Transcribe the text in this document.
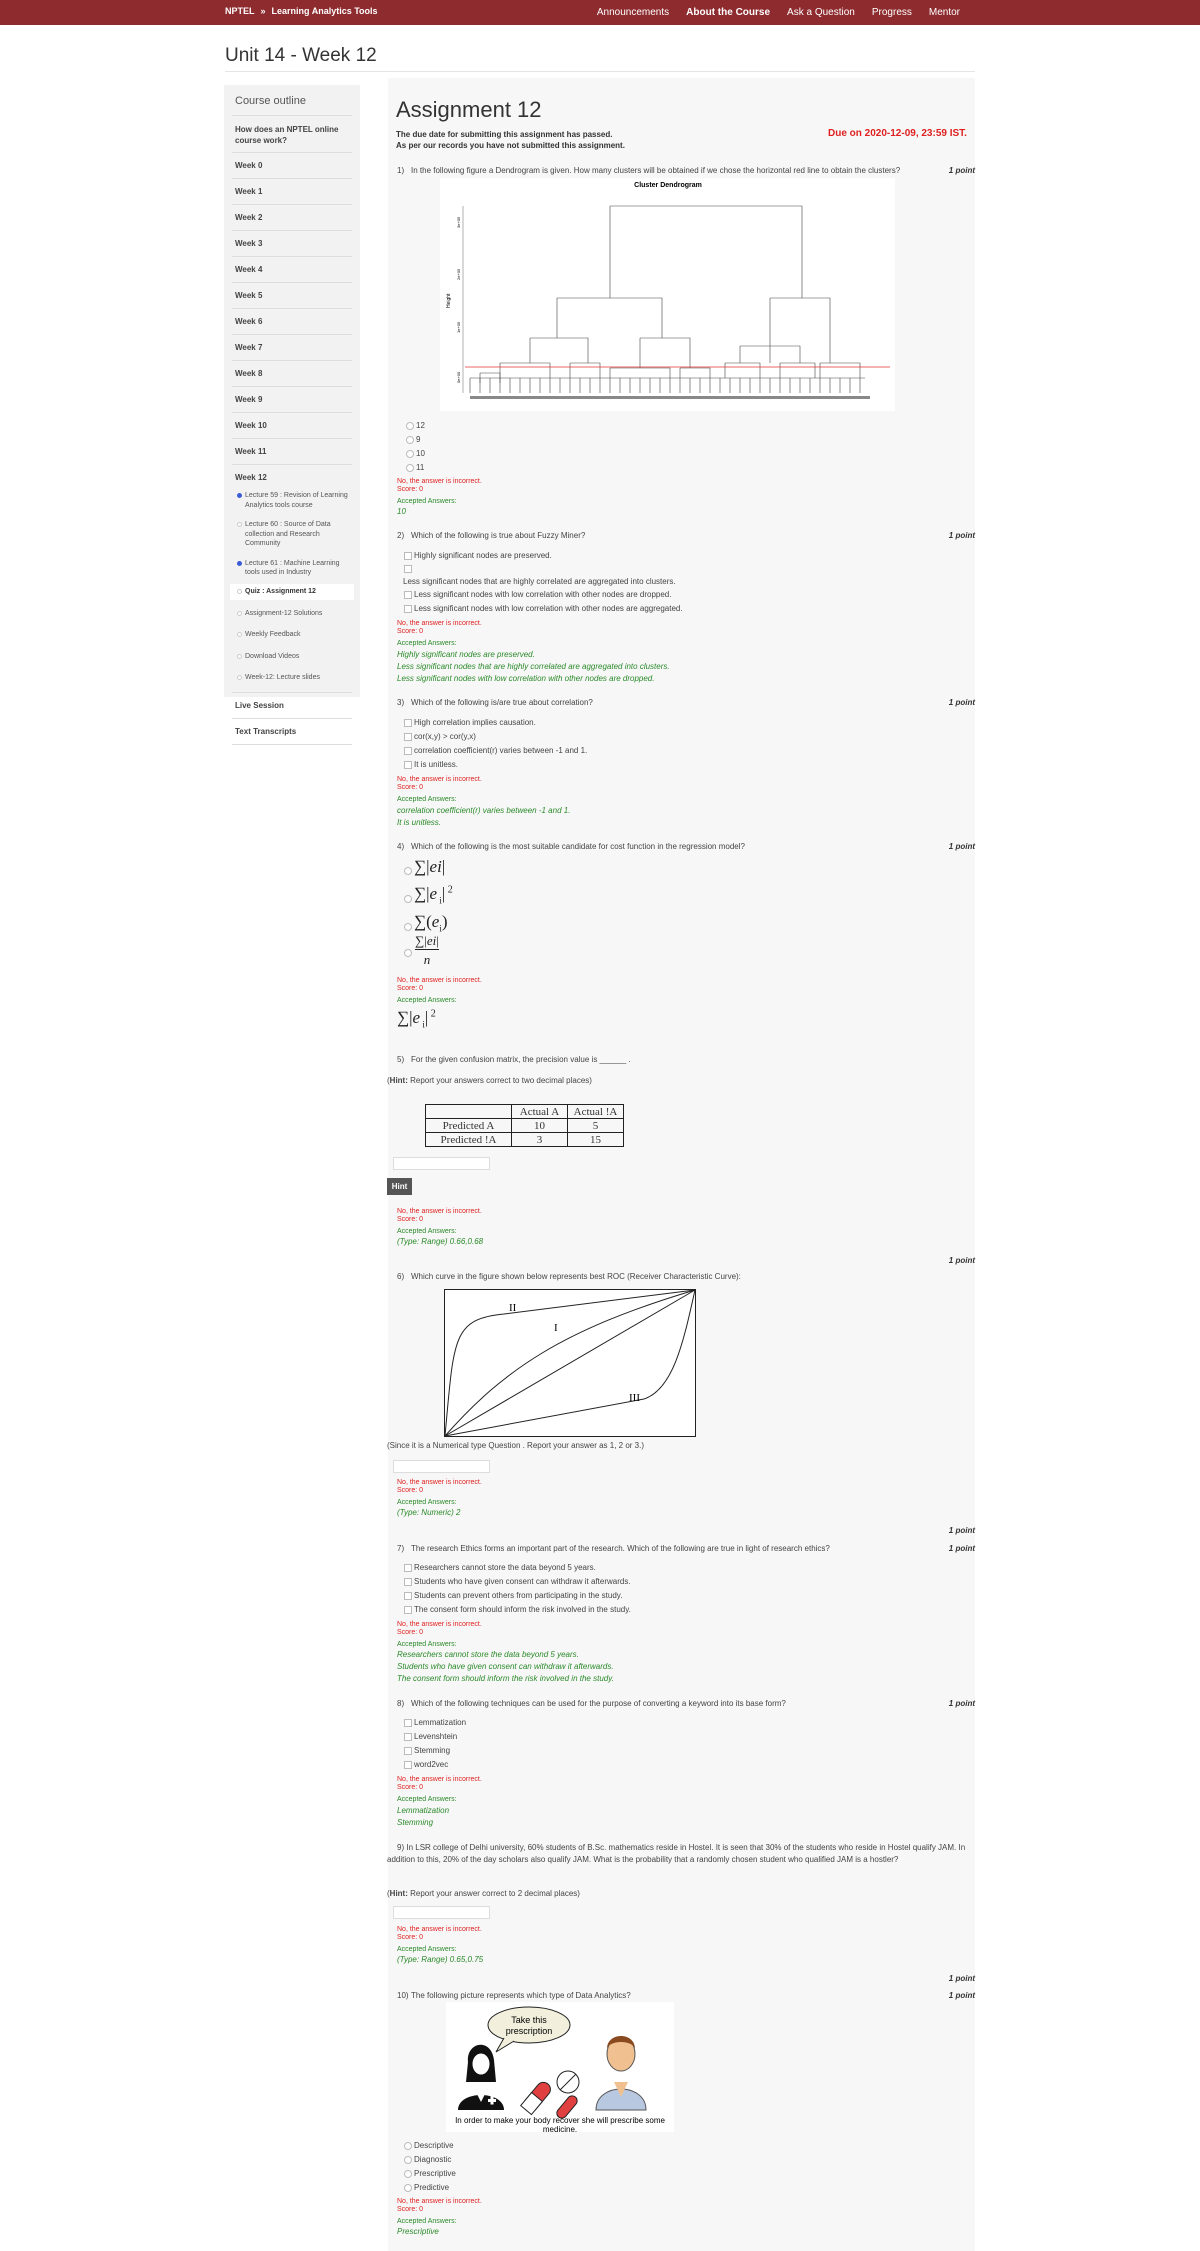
NPTEL » Learning Analytics Tools	Announcements About the Course Ask a Question Progress Mentor
Unit 14 - Week 12
Course outline
How does an NPTEL online course work?
Week 0
Week 1
Week 2
Week 3
Week 4
Week 5
Week 6
Week 7
Week 8
Week 9
Week 10
Week 11
Week 12
Lecture 59 : Revision of Learning Analytics tools course
Lecture 60 : Source of Data collection and Research Community
Lecture 61 : Machine Learning tools used in Industry
Quiz : Assignment 12
Assignment-12 Solutions
Weekly Feedback
Download Videos
Week-12: Lecture slides
Live Session
Text Transcripts
Assignment 12
Due on 2020-12-09, 23:59 IST.
The due date for submitting this assignment has passed.
As per our records you have not submitted this assignment.
1) In the following figure a Dendrogram is given. How many clusters will be obtained if we chose the horizontal red line to obtain the clusters?	1 point
Cluster Dendrogram
Height
0e+00
1e+05
2e+05
3e+05
12
9
10
11
No, the answer is incorrect.
Score: 0
Accepted Answers:
10
2) Which of the following is true about Fuzzy Miner?	1 point
Highly significant nodes are preserved.
Less significant nodes that are highly correlated are aggregated into clusters.
Less significant nodes with low correlation with other nodes are dropped.
Less significant nodes with low correlation with other nodes are aggregated.
No, the answer is incorrect.
Score: 0
Accepted Answers:
Highly significant nodes are preserved.
Less significant nodes that are highly correlated are aggregated into clusters.
Less significant nodes with low correlation with other nodes are dropped.
3) Which of the following is/are true about correlation?	1 point
High correlation implies causation.
cor(x,y) > cor(y,x)
correlation coefficient(r) varies between -1 and 1.
It is unitless.
No, the answer is incorrect.
Score: 0
Accepted Answers:
correlation coefficient(r) varies between -1 and 1.
It is unitless.
4) Which of the following is the most suitable candidate for cost function in the regression model?	1 point
∑|ei|
∑|e $_i$| $^2$
$\sum(e_i)$
∑|ei|
n
No, the answer is incorrect.
Score: 0
Accepted Answers:
∑|e $_i$| $^2$
5) For the given confusion matrix, the precision value is ______ .
(Hint: Report your answers correct to two decimal places)
	Actual A	Actual !A
Predicted A	10	5
Predicted !A	3	15
Hint
No, the answer is incorrect.
Score: 0
Accepted Answers:
(Type: Range) 0.66,0.68
1 point
6) Which curve in the figure shown below represents best ROC (Receiver Characteristic Curve):
II
I
III
(Since it is a Numerical type Question . Report your answer as 1, 2 or 3.)
No, the answer is incorrect.
Score: 0
Accepted Answers:
(Type: Numeric) 2
1 point
7) The research Ethics forms an important part of the research. Which of the following are true in light of research ethics?	1 point
Researchers cannot store the data beyond 5 years.
Students who have given consent can withdraw it afterwards.
Students can prevent others from participating in the study.
The consent form should inform the risk involved in the study.
No, the answer is incorrect.
Score: 0
Accepted Answers:
Researchers cannot store the data beyond 5 years.
Students who have given consent can withdraw it afterwards.
The consent form should inform the risk involved in the study.
8) Which of the following techniques can be used for the purpose of converting a keyword into its base form?	1 point
Lemmatization
Levenshtein
Stemming
word2vec
No, the answer is incorrect.
Score: 0
Accepted Answers:
Lemmatization
Stemming
9) In LSR college of Delhi university, 60% students of B.Sc. mathematics reside in Hostel. It is seen that 30% of the students who reside in Hostel qualify JAM. In addition to this, 20% of the day scholars also qualify JAM. What is the probability that a randomly chosen student who qualified JAM is a hostler?
(Hint: Report your answer correct to 2 decimal places)
No, the answer is incorrect.
Score: 0
Accepted Answers:
(Type: Range) 0.65,0.75
1 point
10) The following picture represents which type of Data Analytics?	1 point
Take this prescription
In order to make your body recover she will prescribe some medicine.
Descriptive
Diagnostic
Prescriptive
Predictive
No, the answer is incorrect.
Score: 0
Accepted Answers:
Prescriptive
